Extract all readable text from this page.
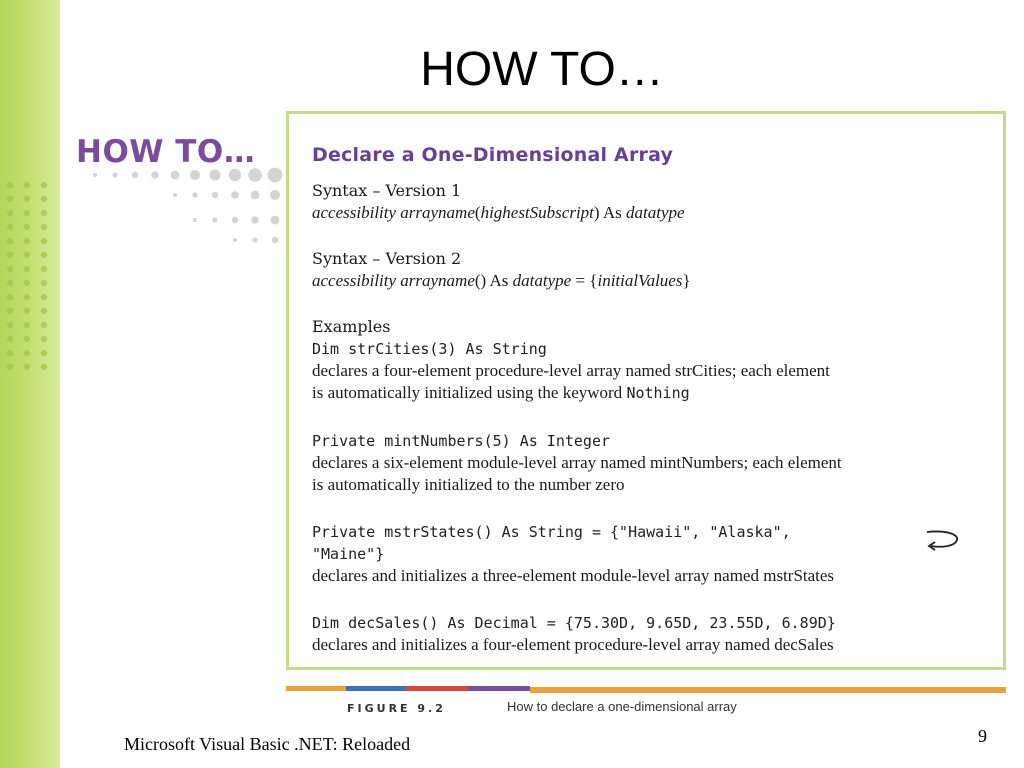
HOW TO…
HOW TO…	Declare a One-Dimensional Array
Syntax – Version 1
accessibility arrayname(highestSubscript) As datatype
Syntax – Version 2
accessibility arrayname() As datatype = {initialValues}
Examples
Dim strCities(3) As String
declares a four-element procedure-level array named strCities; each element
is automatically initialized using the keyword Nothing
Private mintNumbers(5) As Integer
declares a six-element module-level array named mintNumbers; each element
is automatically initialized to the number zero
Private mstrStates() As String = {"Hawaii", "Alaska",
"Maine"}
declares and initializes a three-element module-level array named mstrStates
Dim decSales() As Decimal = {75.30D, 9.65D, 23.55D, 6.89D}
declares and initializes a four-element procedure-level array named decSales
FIGURE 9.2	How to declare a one-dimensional array
Microsoft Visual Basic .NET: Reloaded	9
